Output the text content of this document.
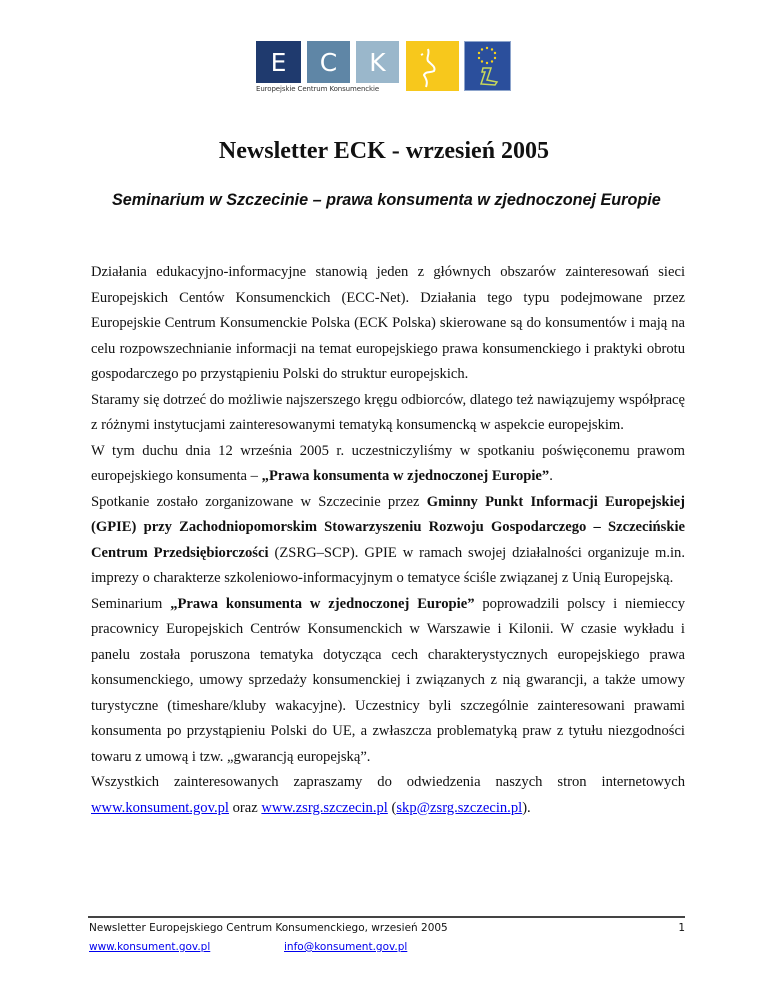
E C K
Europejskie Centrum Konsumenckie
Newsletter ECK - wrzesień 2005
Seminarium w Szczecinie – prawa konsumenta w zjednoczonej Europie

Działania edukacyjno-informacyjne stanowią jeden z głównych obszarów zainteresowań sieci Europejskich Centów Konsumenckich (ECC-Net). Działania tego typu podejmowane przez Europejskie Centrum Konsumenckie Polska (ECK Polska) skierowane są do konsumentów i mają na celu rozpowszechnianie informacji na temat europejskiego prawa konsumenckiego i praktyki obrotu gospodarczego po przystąpieniu Polski do struktur europejskich.

Staramy się dotrzeć do możliwie najszerszego kręgu odbiorców, dlatego też nawiązujemy współpracę z różnymi instytucjami zainteresowanymi tematyką konsumencką w aspekcie europejskim.

W tym duchu dnia 12 września 2005 r. uczestniczyliśmy w spotkaniu poświęconemu prawom europejskiego konsumenta – „Prawa konsumenta w zjednoczonej Europie”.

Spotkanie zostało zorganizowane w Szczecinie przez Gminny Punkt Informacji Europejskiej (GPIE) przy Zachodniopomorskim Stowarzyszeniu Rozwoju Gospodarczego – Szczecińskie Centrum Przedsiębiorczości (ZSRG–SCP). GPIE w ramach swojej działalności organizuje m.in. imprezy o charakterze szkoleniowo-informacyjnym o tematyce ściśle związanej z Unią Europejską.

Seminarium „Prawa konsumenta w zjednoczonej Europie” poprowadzili polscy i niemieccy pracownicy Europejskich Centrów Konsumenckich w Warszawie i Kilonii. W czasie wykładu i panelu została poruszona tematyka dotycząca cech charakterystycznych europejskiego prawa konsumenckiego, umowy sprzedaży konsumenckiej i związanych z nią gwarancji, a także umowy turystyczne (timeshare/kluby wakacyjne). Uczestnicy byli szczególnie zainteresowani prawami konsumenta po przystąpieniu Polski do UE, a zwłaszcza problematyką praw z tytułu niezgodności towaru z umową i tzw. „gwarancją europejską”.

Wszystkich zainteresowanych zapraszamy do odwiedzenia naszych stron internetowych www.konsument.gov.pl oraz www.zsrg.szczecin.pl (skp@zsrg.szczecin.pl).

Newsletter Europejskiego Centrum Konsumenckiego, wrzesień 2005	1
www.konsument.gov.pl	info@konsument.gov.pl
